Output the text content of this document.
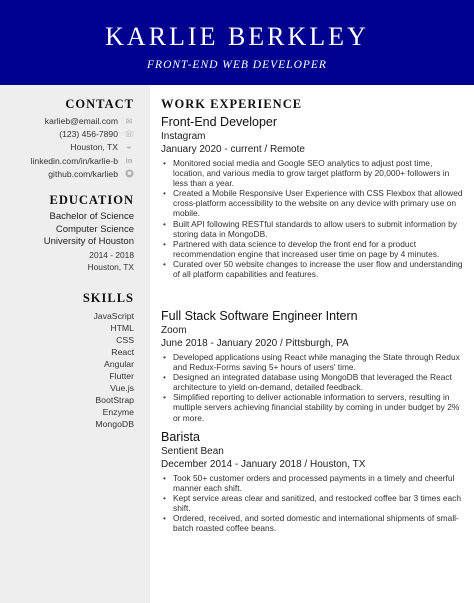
KARLIE BERKLEY
FRONT-END WEB DEVELOPER
CONTACT
karlieb@email.com ✉
(123) 456-7890 ☏
Houston, TX	⌖
linkedin.com/in/karlie-b in
github.com/karlieb
EDUCATION
Bachelor of Science
Computer Science
University of Houston
2014 - 2018
Houston, TX
SKILLS
JavaScript
HTML
CSS
React
Angular
Flutter
Vue.js
BootStrap
Enzyme
MongoDB
WORK EXPERIENCE
Front-End Developer
Instagram
January 2020 - current / Remote
• Monitored social media and Google SEO analytics to adjust post time, location, and various media to grow target platform by 20,000+ followers in less than a year.
• Created a Mobile Responsive User Experience with CSS Flexbox that allowed cross-platform accessibility to the website on any device with primary use on mobile.
• Built API following RESTful standards to allow users to submit information by storing data in MongoDB.
• Partnered with data science to develop the front end for a product recommendation engine that increased user time on page by 4 minutes.
• Curated over 50 website changes to increase the user flow and understanding of all platform capabilities and features.
Full Stack Software Engineer Intern
Zoom
June 2018 - January 2020 / Pittsburgh, PA
• Developed applications using React while managing the State through Redux and Redux-Forms saving 5+ hours of users' time.
• Designed an integrated database using MongoDB that leveraged the React architecture to yield on-demand, detailed feedback.
• Simplified reporting to deliver actionable information to servers, resulting in multiple servers achieving financial stability by coming in under budget by 2% or more.
Barista
Sentient Bean
December 2014 - January 2018 / Houston, TX
• Took 50+ customer orders and processed payments in a timely and cheerful manner each shift.
• Kept service areas clear and sanitized, and restocked coffee bar 3 times each shift.
• Ordered, received, and sorted domestic and international shipments of small-batch roasted coffee beans.
